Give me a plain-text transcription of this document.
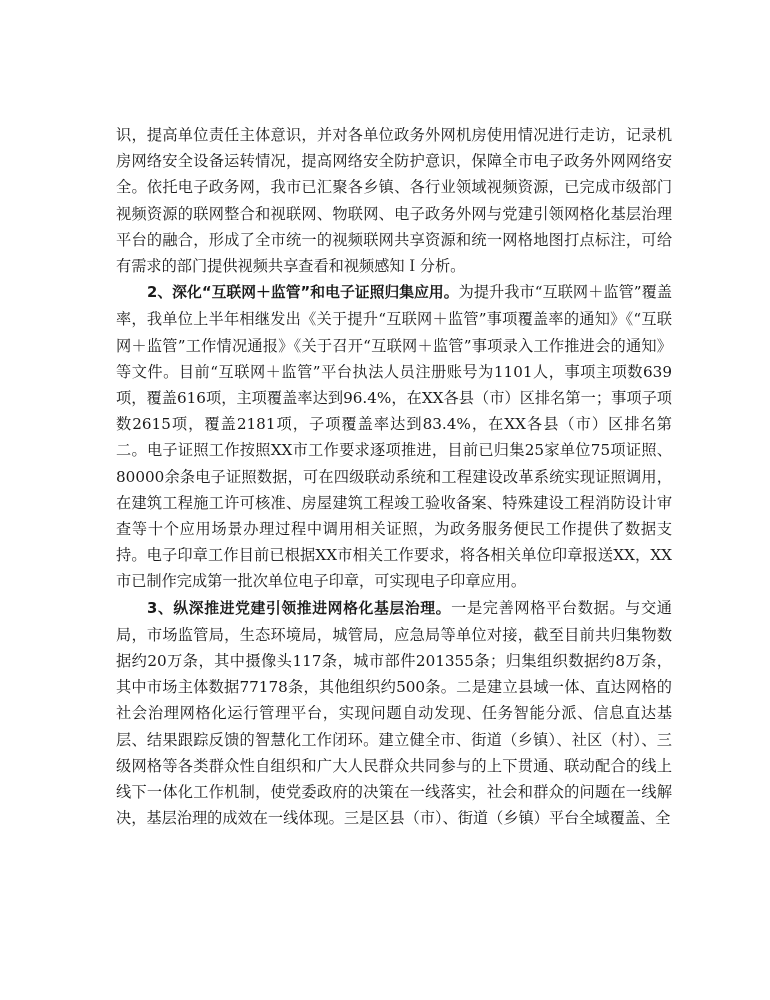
识，提高单位责任主体意识，并对各单位政务外网机房使用情况进行走访，记录机房网络安全设备运转情况，提高网络安全防护意识，保障全市电子政务外网网络安全。依托电子政务网，我市已汇聚各乡镇、各行业领域视频资源，已完成市级部门视频资源的联网整合和视联网、物联网、电子政务外网与党建引领网格化基层治理平台的融合，形成了全市统一的视频联网共享资源和统一网格地图打点标注，可给有需求的部门提供视频共享查看和视频感知Ｉ分析。

2、深化“互联网＋监管”和电子证照归集应用。为提升我市“互联网＋监管”覆盖率，我单位上半年相继发出《关于提升“互联网＋监管”事项覆盖率的通知》《“互联网＋监管”工作情况通报》《关于召开“互联网＋监管”事项录入工作推进会的通知》等文件。目前“互联网＋监管”平台执法人员注册账号为1101人，事项主项数639项，覆盖616项，主项覆盖率达到96.4%，在XX各县（市）区排名第一；事项子项数2615项，覆盖2181项，子项覆盖率达到83.4%，在XX各县（市）区排名第二。电子证照工作按照XX市工作要求逐项推进，目前已归集25家单位75项证照、80000余条电子证照数据，可在四级联动系统和工程建设改革系统实现证照调用，在建筑工程施工许可核准、房屋建筑工程竣工验收备案、特殊建设工程消防设计审查等十个应用场景办理过程中调用相关证照，为政务服务便民工作提供了数据支持。电子印章工作目前已根据XX市相关工作要求，将各相关单位印章报送XX，XX市已制作完成第一批次单位电子印章，可实现电子印章应用。

3、纵深推进党建引领推进网格化基层治理。一是完善网格平台数据。与交通局，市场监管局，生态环境局，城管局，应急局等单位对接，截至目前共归集物数据约20万条，其中摄像头117条，城市部件201355条；归集组织数据约8万条，其中市场主体数据77178条，其他组织约500条。二是建立县域一体、直达网格的社会治理网格化运行管理平台，实现问题自动发现、任务智能分派、信息直达基层、结果跟踪反馈的智慧化工作闭环。建立健全市、街道（乡镇）、社区（村）、三级网格等各类群众性自组织和广大人民群众共同参与的上下贯通、联动配合的线上线下一体化工作机制，使党委政府的决策在一线落实，社会和群众的问题在一线解决，基层治理的成效在一线体现。三是区县（市）、街道（乡镇）平台全域覆盖、全
